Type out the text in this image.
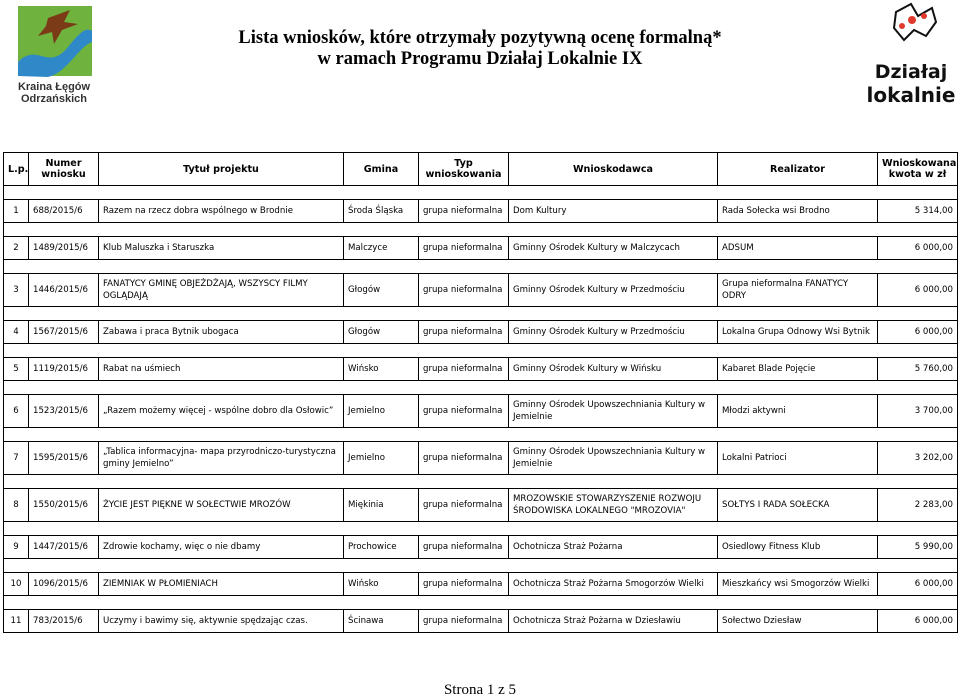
Kraina Łęgów
Odrzańskich
Działaj
lokalnie
Lista wniosków, które otrzymały pozytywną ocenę formalną*
w ramach Programu Działaj Lokalnie IX
L.p.	Numer wniosku	Tytuł projektu	Gmina	Typ wnioskowania	Wnioskodawca	Realizator	Wnioskowana kwota w zł

1	688/2015/6	Razem na rzecz dobra wspólnego w Brodnie	Środa Śląska	grupa nieformalna	Dom Kultury	Rada Sołecka wsi Brodno	5 314,00

2	1489/2015/6	Klub Maluszka i Staruszka	Malczyce	grupa nieformalna	Gminny Ośrodek Kultury w Malczycach	ADSUM	6 000,00

3	1446/2015/6	FANATYCY GMINĘ OBJEŻDŻAJĄ, WSZYSCY FILMY OGLĄDAJĄ	Głogów	grupa nieformalna	Gminny Ośrodek Kultury w Przedmościu	Grupa nieformalna FANATYCY ODRY	6 000,00

4	1567/2015/6	Zabawa i praca Bytnik ubogaca	Głogów	grupa nieformalna	Gminny Ośrodek Kultury w Przedmościu	Lokalna Grupa Odnowy Wsi Bytnik	6 000,00

5	1119/2015/6	Rabat na uśmiech	Wińsko	grupa nieformalna	Gminny Ośrodek Kultury w Wińsku	Kabaret Blade Pojęcie	5 760,00

6	1523/2015/6	„Razem możemy więcej - wspólne dobro dla Osłowic”	Jemielno	grupa nieformalna	Gminny Ośrodek Upowszechniania Kultury w Jemielnie	Młodzi aktywni	3 700,00

7	1595/2015/6	„Tablica informacyjna- mapa przyrodniczo-turystyczna gminy Jemielno”	Jemielno	grupa nieformalna	Gminny Ośrodek Upowszechniania Kultury w Jemielnie	Lokalni Patrioci	3 202,00

8	1550/2015/6	ŻYCIE JEST PIĘKNE W SOŁECTWIE MROZÓW	Miękinia	grupa nieformalna	MROZOWSKIE STOWARZYSZENIE ROZWOJU ŚRODOWISKA LOKALNEGO "MROZOVIA"	SOŁTYS I RADA SOŁECKA	2 283,00

9	1447/2015/6	Zdrowie kochamy, więc o nie dbamy	Prochowice	grupa nieformalna	Ochotnicza Straż Pożarna	Osiedlowy Fitness Klub	5 990,00

10	1096/2015/6	ZIEMNIAK W PŁOMIENIACH	Wińsko	grupa nieformalna	Ochotnicza Straż Pożarna Smogorzów Wielki	Mieszkańcy wsi Smogorzów Wielki	6 000,00

11	783/2015/6	Uczymy i bawimy się, aktywnie spędzając czas.	Ścinawa	grupa nieformalna	Ochotnicza Straż Pożarna w Dziesławiu	Sołectwo Dziesław	6 000,00
Strona 1 z 5
